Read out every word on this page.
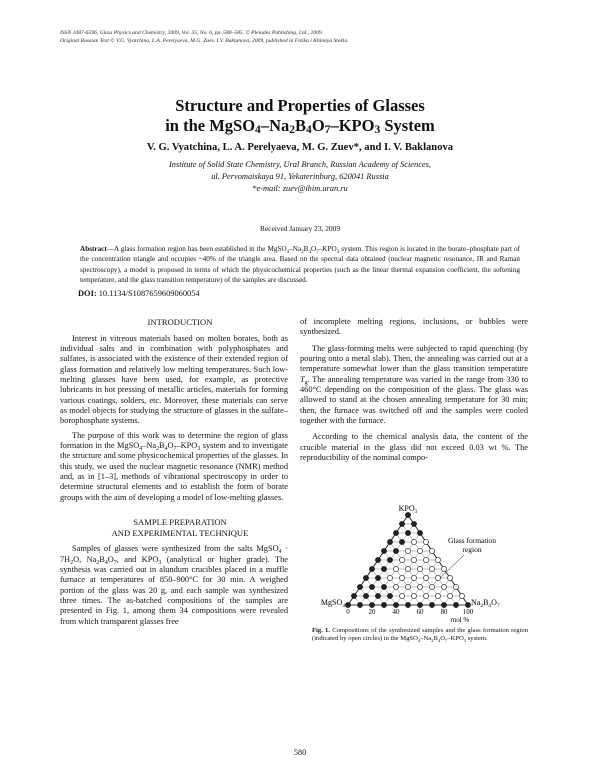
ISSN 1087-6596, Glass Physics and Chemistry, 2009, Vol. 35, No. 6, pp. 580–585. © Pleiades Publishing, Ltd., 2009.
Original Russian Text © V.G. Vyatchina, L.A. Perelyaeva, M.G. Zuev, I.V. Baklanova, 2009, published in Fizika i Khimiya Stekla.
Structure and Properties of Glasses
in the $MgSO_4-Na_2B_4O_7-KPO_3$ System
V. G. Vyatchina, L. A. Perelyaeva, M. G. Zuev*, and I. V. Baklanova
Institute of Solid State Chemistry, Ural Branch, Russian Academy of Sciences,
ul. Pervomaiskaya 91, Yekaterinburg, 620041 Russia
*e-mail: zuev@ihim.uran.ru
Received January 23, 2009
Abstract—A glass formation region has been established in the $MgSO_4-Na_2B_4O_7-KPO_3$ system. This region is located in the borate–phosphate part of the concentration triangle and occupies ~40% of the triangle area. Based on the spectral data obtained (nuclear magnetic resonance, IR and Raman spectroscopy), a model is proposed in terms of which the physicochemical properties (such as the linear thermal expansion coefficient, the softening temperature, and the glass transition temperature) of the samples are discussed.
DOI: 10.1134/S1087659609060054

INTRODUCTION

Interest in vitreous materials based on molten borates, both as individual salts and in combination with polyphosphates and sulfates, is associated with the existence of their extended region of glass formation and relatively low melting temperatures. Such low-melting glasses have been used, for example, as protective lubricants in hot pressing of metallic articles, materials for forming various coatings, solders, etc. Moreover, these materials can serve as model objects for studying the structure of glasses in the sulfate–borophosphate systems.

The purpose of this work was to determine the region of glass formation in the $MgSO_4-Na_2B_4O_7-KPO_3$ system and to investigate the structure and some physicochemical properties of the glasses. In this study, we used the nuclear magnetic resonance (NMR) method and, as in [1–3], methods of vibrational spectroscopy in order to determine structural elements and to establish the form of borate groups with the aim of developing a model of low-melting glasses.

SAMPLE PREPARATION

AND EXPERIMENTAL TECHNIQUE

Samples of glasses were synthesized from the salts MgSO$_4$ · $7H_2O$, $Na_2B_4O_7$, and $KPO_3$ (analytical or higher grade). The synthesis was carried out in alundum crucibles placed in a muffle furnace at temperatures of 850–900°C for 30 min. A weighed portion of the glass was 20 g, and each sample was synthesized three times. The as-batched compositions of the samples are presented in Fig. 1, among them 34 compositions were revealed from which transparent glasses free

of incomplete melting regions, inclusions, or bubbles were synthesized.

The glass-forming melts were subjected to rapid quenching (by pouring onto a metal slab). Then, the annealing was carried out at a temperature somewhat lower than the glass transition temperature $T_g$. The annealing temperature was varied in the range from 330 to 460°C depending on the composition of the glass. The glass was allowed to stand at the chosen annealing temperature for 30 min; then, the furnace was switched off and the samples were cooled together with the furnace.

According to the chemical analysis data, the content of the crucible material in the glass did not exceed 0.03 wt %. The reproducibility of the nominal compo-

$KPO_3$
MgSO$_4$	$Na_2B_4O_7$
Glass formation
region
0	20 40 60 80 100
mol %
Fig. 1. Compositions of the synthesized samples and the glass formation region (indicated by open circles) in the $MgSO_4-Na_2B_4O_7-KPO_3$ system.
580
